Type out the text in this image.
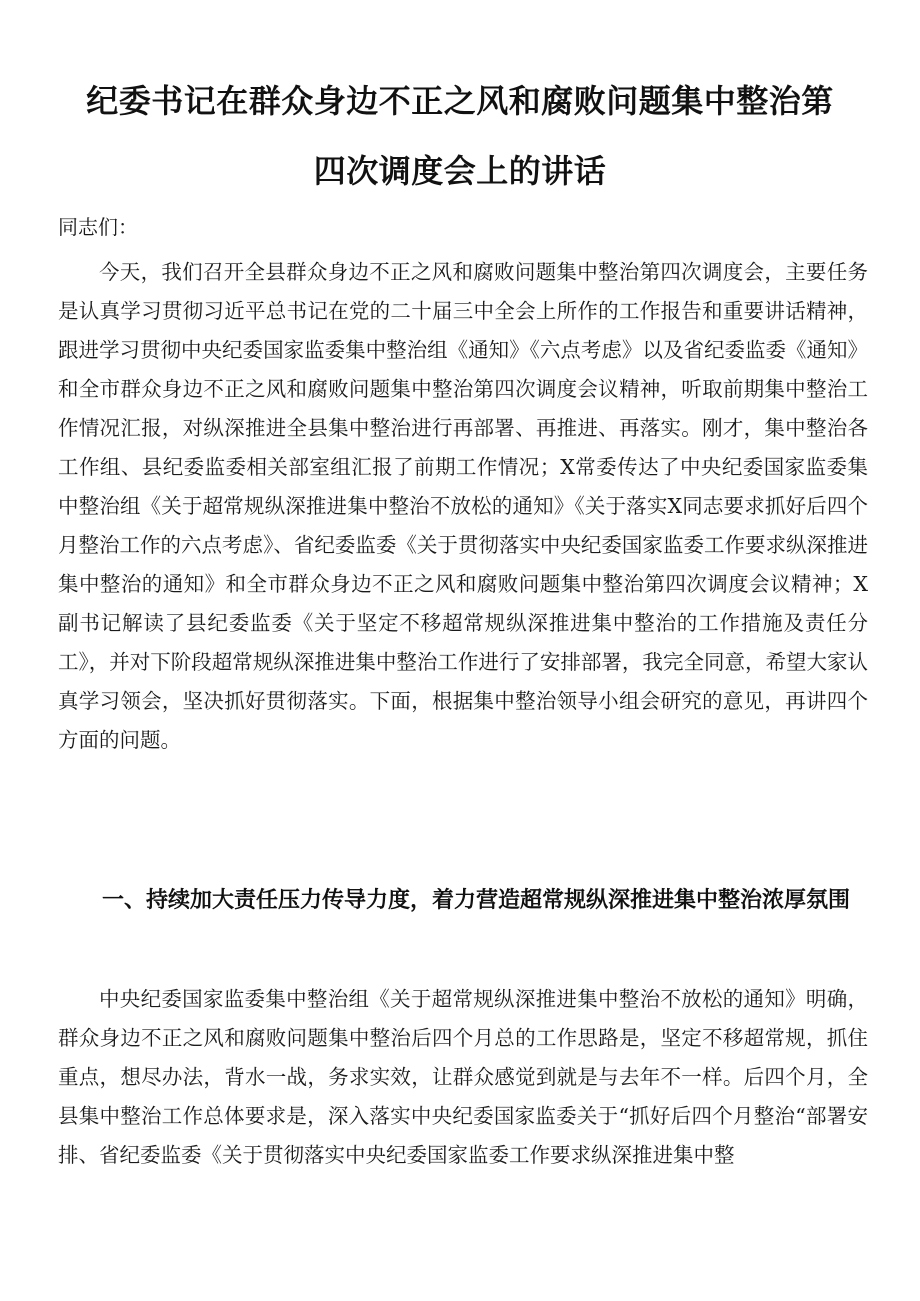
纪委书记在群众身边不正之风和腐败问题集中整治第
四次调度会上的讲话
同志们：

今天，我们召开全县群众身边不正之风和腐败问题集中整治第四次调度会，主要任务是认真学习贯彻习近平总书记在党的二十届三中全会上所作的工作报告和重要讲话精神，跟进学习贯彻中央纪委国家监委集中整治组《通知》《六点考虑》以及省纪委监委《通知》和全市群众身边不正之风和腐败问题集中整治第四次调度会议精神，听取前期集中整治工作情况汇报，对纵深推进全县集中整治进行再部署、再推进、再落实。刚才，集中整治各工作组、县纪委监委相关部室组汇报了前期工作情况；X常委传达了中央纪委国家监委集中整治组《关于超常规纵深推进集中整治不放松的通知》《关于落实X同志要求抓好后四个月整治工作的六点考虑》、省纪委监委《关于贯彻落实中央纪委国家监委工作要求纵深推进集中整治的通知》和全市群众身边不正之风和腐败问题集中整治第四次调度会议精神；X副书记解读了县纪委监委《关于坚定不移超常规纵深推进集中整治的工作措施及责任分工》，并对下阶段超常规纵深推进集中整治工作进行了安排部署，我完全同意，希望大家认真学习领会，坚决抓好贯彻落实。下面，根据集中整治领导小组会研究的意见，再讲四个方面的问题。

一、持续加大责任压力传导力度，着力营造超常规纵深推进集中整治浓厚氛围

中央纪委国家监委集中整治组《关于超常规纵深推进集中整治不放松的通知》明确，群众身边不正之风和腐败问题集中整治后四个月总的工作思路是，坚定不移超常规，抓住重点，想尽办法，背水一战，务求实效，让群众感觉到就是与去年不一样。后四个月，全县集中整治工作总体要求是，深入落实中央纪委国家监委关于“抓好后四个月整治“部署安排、省纪委监委《关于贯彻落实中央纪委国家监委工作要求纵深推进集中整
